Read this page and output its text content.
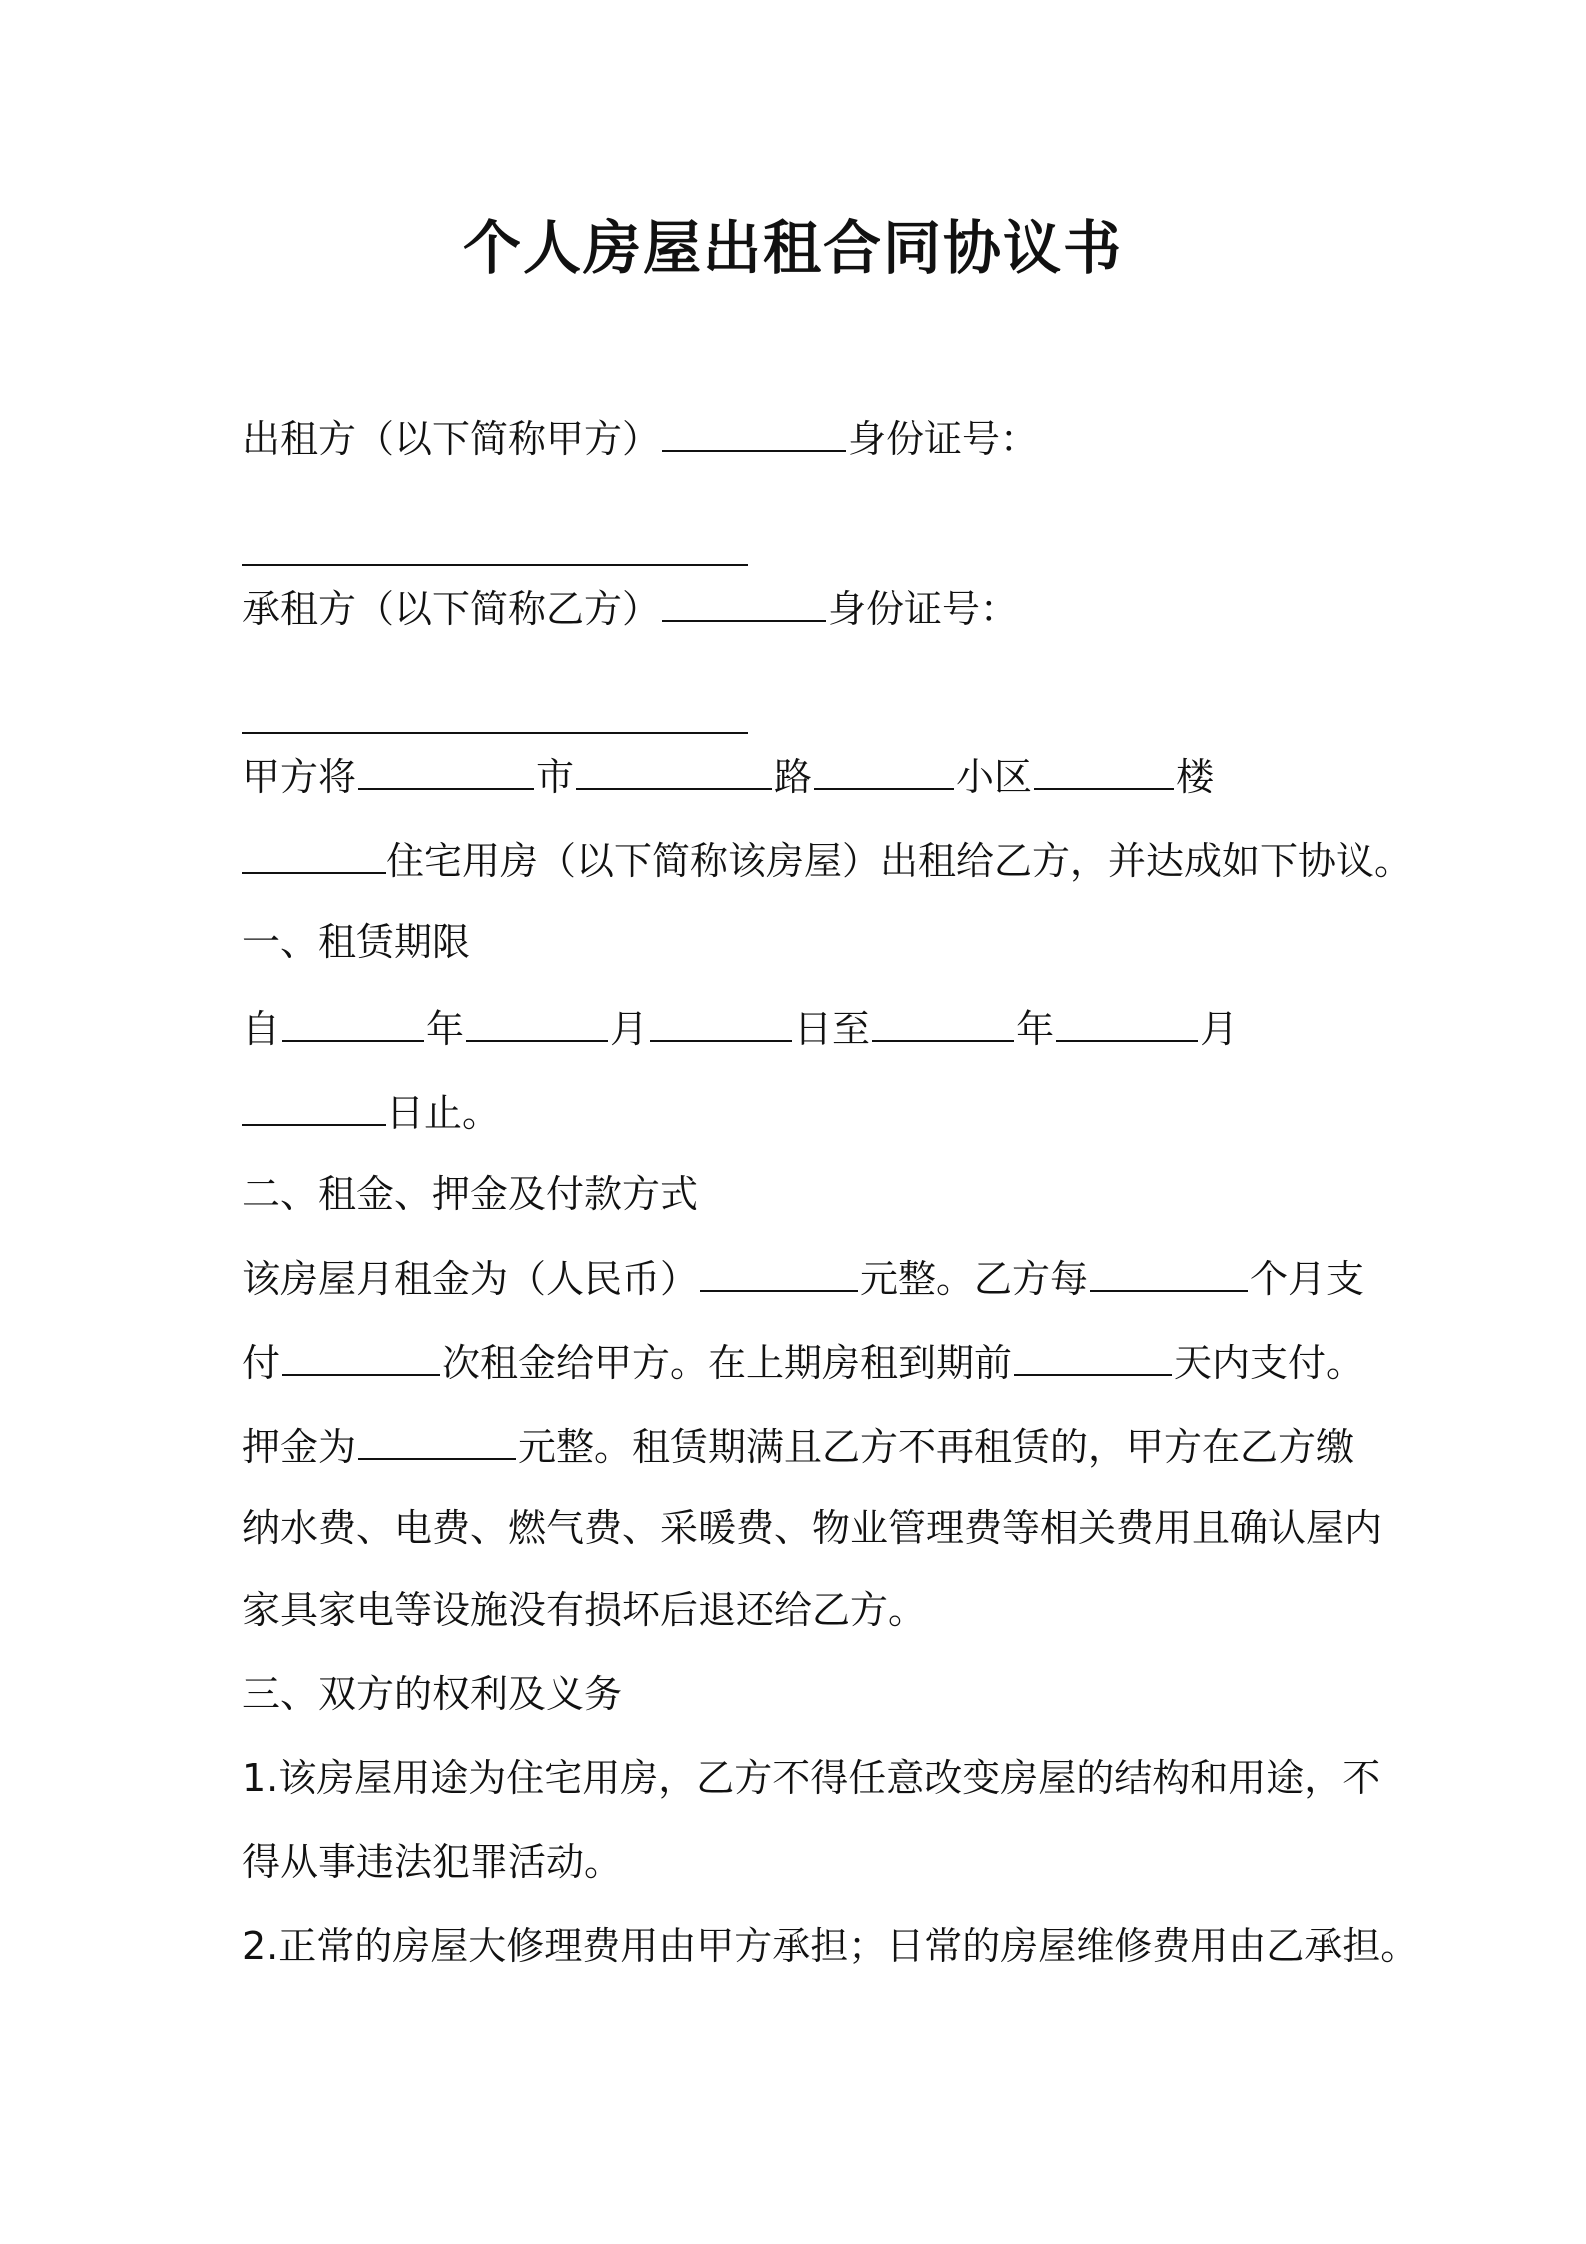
个人房屋出租合同协议书
出租方（以下简称甲方）	身份证号：
承租方（以下简称乙方）	身份证号：
甲方将	市	路	小区	楼
住宅用房（以下简称该房屋）出租给乙方，并达成如下协议。
一、租赁期限
自	年	月	日至	年	月
日止。
二、租金、押金及付款方式
该房屋月租金为（人民币）	元整。乙方每	个月支
付	次租金给甲方。在上期房租到期前	天内支付。
押金为	元整。租赁期满且乙方不再租赁的，甲方在乙方缴
纳水费、电费、燃气费、采暖费、物业管理费等相关费用且确认屋内
家具家电等设施没有损坏后退还给乙方。
三、双方的权利及义务
1.该房屋用途为住宅用房，乙方不得任意改变房屋的结构和用途，不
得从事违法犯罪活动。
2.正常的房屋大修理费用由甲方承担；日常的房屋维修费用由乙承担。
